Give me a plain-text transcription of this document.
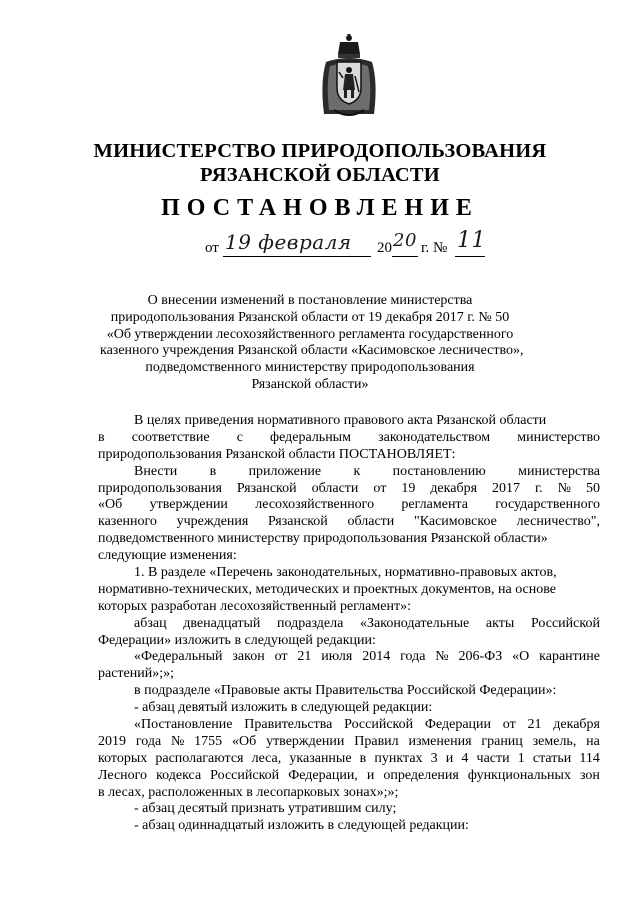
МИНИСТЕРСТВО ПРИРОДОПОЛЬЗОВАНИЯ
РЯЗАНСКОЙ ОБЛАСТИ
ПОСТАНОВЛЕНИЕ
от 19 февраля 20 20 г. № 11
О внесении изменений в постановление министерства
природопользования Рязанской области от 19 декабря 2017 г. № 50
«Об утверждении лесохозяйственного регламента государственного
казенного учреждения Рязанской области «Касимовское лесничество»,
подведомственного министерству природопользования
Рязанской области»
В целях приведения нормативного правового акта Рязанской области
в соответствие с федеральным законодательством министерство
природопользования Рязанской области ПОСТАНОВЛЯЕТ:
Внести в приложение к постановлению министерства
природопользования Рязанской области от 19 декабря 2017 г. № 50
«Об утверждении лесохозяйственного регламента государственного
казенного учреждения Рязанской области "Касимовское лесничество",
подведомственного министерству природопользования Рязанской области»
следующие изменения:
1. В разделе «Перечень законодательных, нормативно-правовых актов,
нормативно-технических, методических и проектных документов, на основе
которых разработан лесохозяйственный регламент»:
абзац двенадцатый подраздела «Законодательные акты Российской
Федерации» изложить в следующей редакции:
«Федеральный закон от 21 июля 2014 года № 206-ФЗ «О карантине
растений»;»;
в подразделе «Правовые акты Правительства Российской Федерации»:
- абзац девятый изложить в следующей редакции:
«Постановление Правительства Российской Федерации от 21 декабря
2019 года № 1755 «Об утверждении Правил изменения границ земель, на
которых располагаются леса, указанные в пунктах 3 и 4 части 1 статьи 114
Лесного кодекса Российской Федерации, и определения функциональных зон
в лесах, расположенных в лесопарковых зонах»;»;
- абзац десятый признать утратившим силу;
- абзац одиннадцатый изложить в следующей редакции:
